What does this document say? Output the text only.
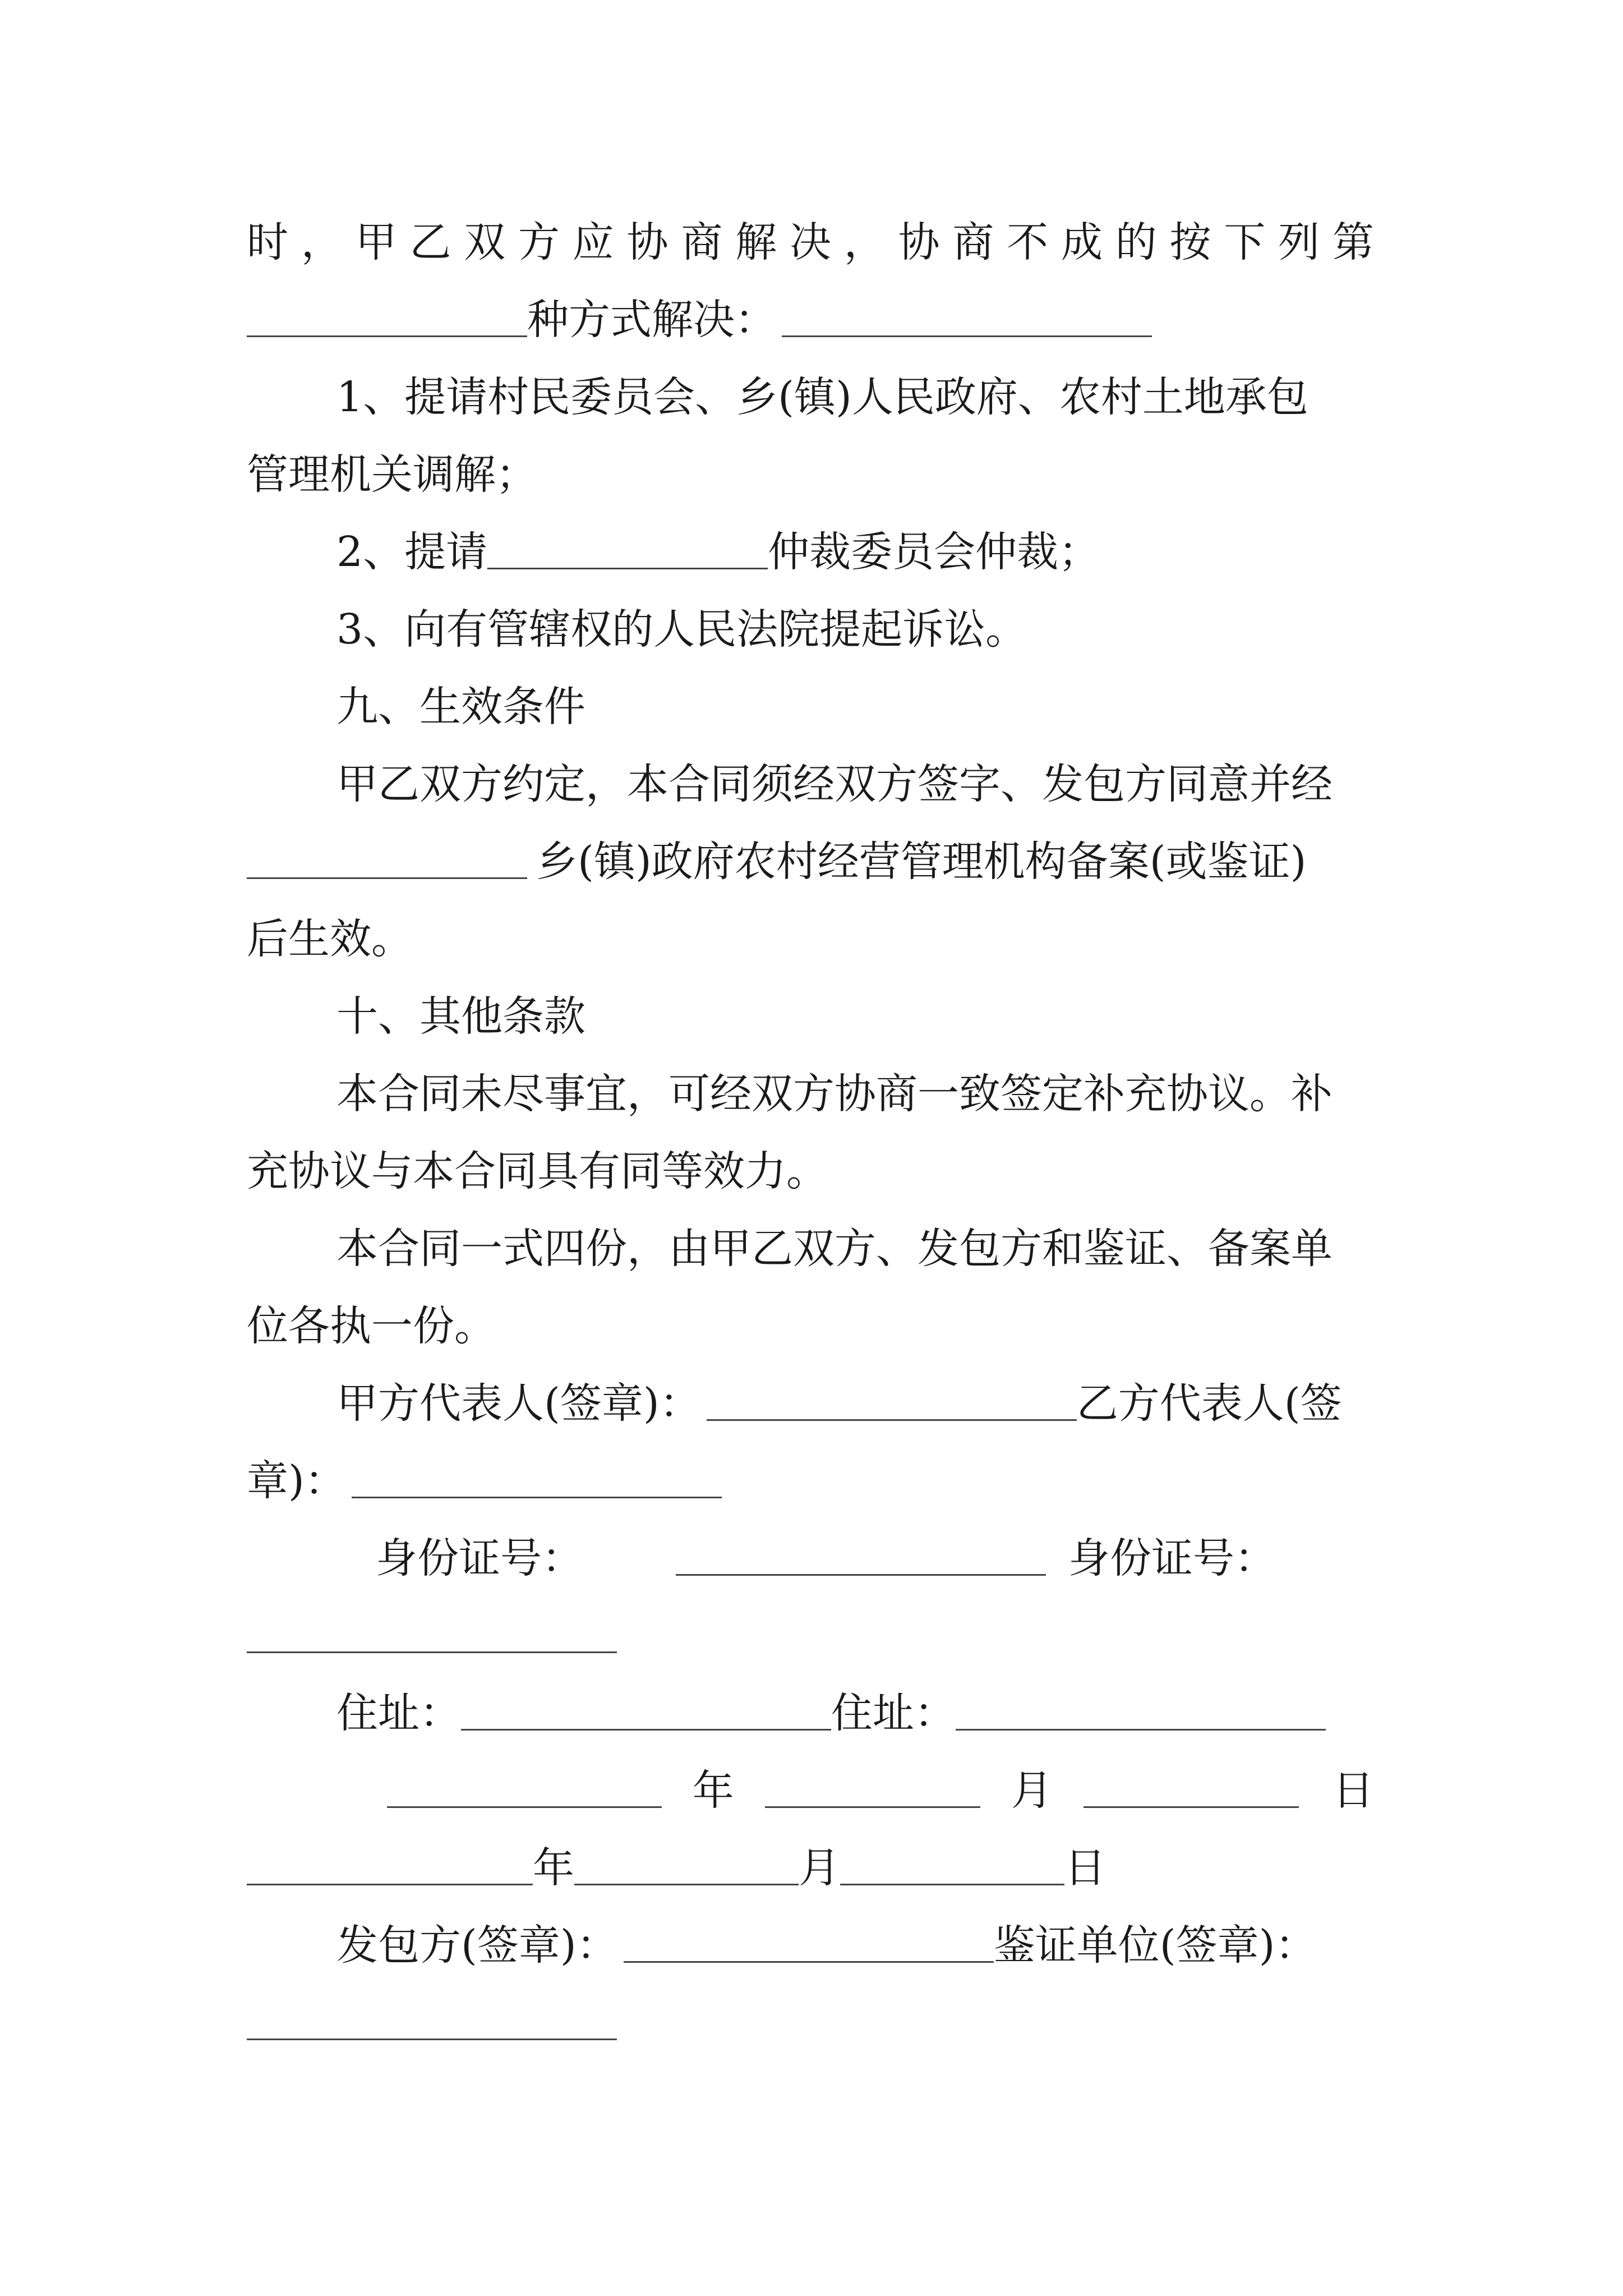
时 ， 甲 乙 双 方 应 协 商 解 决 ， 协 商 不 成 的 按 下 列 第
种方式解决：
1、提请村民委员会、乡(镇)人民政府、农村土地承包
管理机关调解；
2、提请	仲裁委员会仲裁；
3、向有管辖权的人民法院提起诉讼。
九、生效条件
甲乙双方约定，本合同须经双方签字、发包方同意并经
乡(镇)政府农村经营管理机构备案(或鉴证)
后生效。
十、其他条款
本合同未尽事宜，可经双方协商一致签定补充协议。补
充协议与本合同具有同等效力。
本合同一式四份，由甲乙双方、发包方和鉴证、备案单
位各执一份。
甲方代表人(签章)：	乙方代表人(签
章)：
身份证号：	身份证号：
住址：	住址：
年	月	日
年	月	日
发包方(签章)：	鉴证单位(签章)：
